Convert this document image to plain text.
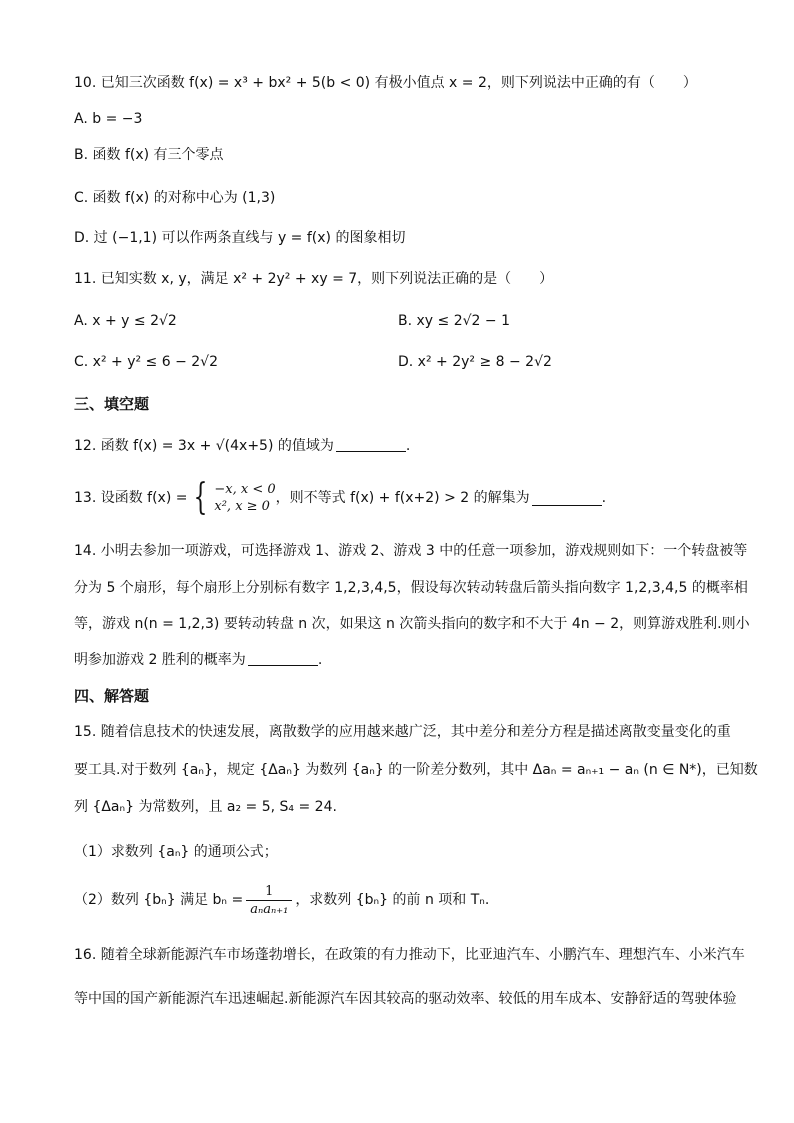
10. 已知三次函数 f(x) = x³ + bx² + 5(b < 0) 有极小值点 x = 2，则下列说法中正确的有（　　）
A. b = −3
B. 函数 f(x) 有三个零点
C. 函数 f(x) 的对称中心为 (1,3)
D. 过 (−1,1) 可以作两条直线与 y = f(x) 的图象相切
11. 已知实数 x, y，满足 x² + 2y² + xy = 7，则下列说法正确的是（　　）
A. x + y ≤ 2√2	B. xy ≤ 2√2 − 1
C. x² + y² ≤ 6 − 2√2	D. x² + 2y² ≥ 8 − 2√2
三、填空题
12. 函数 f(x) = 3x + √(4x+5) 的值域为	.
13. 设函数 f(x) = { −x, x < 0
x², x ≥ 0
，则不等式 f(x) + f(x+2) > 2 的解集为	.
14. 小明去参加一项游戏，可选择游戏 1、游戏 2、游戏 3 中的任意一项参加，游戏规则如下：一个转盘被等
分为 5 个扇形，每个扇形上分别标有数字 1,2,3,4,5，假设每次转动转盘后箭头指向数字 1,2,3,4,5 的概率相
等，游戏 n(n = 1,2,3) 要转动转盘 n 次，如果这 n 次箭头指向的数字和不大于 4n − 2，则算游戏胜利.则小
明参加游戏 2 胜利的概率为	.
四、解答题
15. 随着信息技术的快速发展，离散数学的应用越来越广泛，其中差分和差分方程是描述离散变量变化的重
要工具.对于数列 {aₙ}，规定 {Δaₙ} 为数列 {aₙ} 的一阶差分数列，其中 Δaₙ = aₙ₊₁ − aₙ (n ∈ N*)，已知数
列 {Δaₙ} 为常数列，且 a₂ = 5, S₄ = 24.
（1）求数列 {aₙ} 的通项公式；
（2）数列 {bₙ} 满足 $b_n = \frac{1}{\text{aₙaₙ₊₁}}$ ，求数列 {bₙ} 的前 n 项和 Tₙ.
16. 随着全球新能源汽车市场蓬勃增长，在政策的有力推动下，比亚迪汽车、小鹏汽车、理想汽车、小米汽车
等中国的国产新能源汽车迅速崛起.新能源汽车因其较高的驱动效率、较低的用车成本、安静舒适的驾驶体验
